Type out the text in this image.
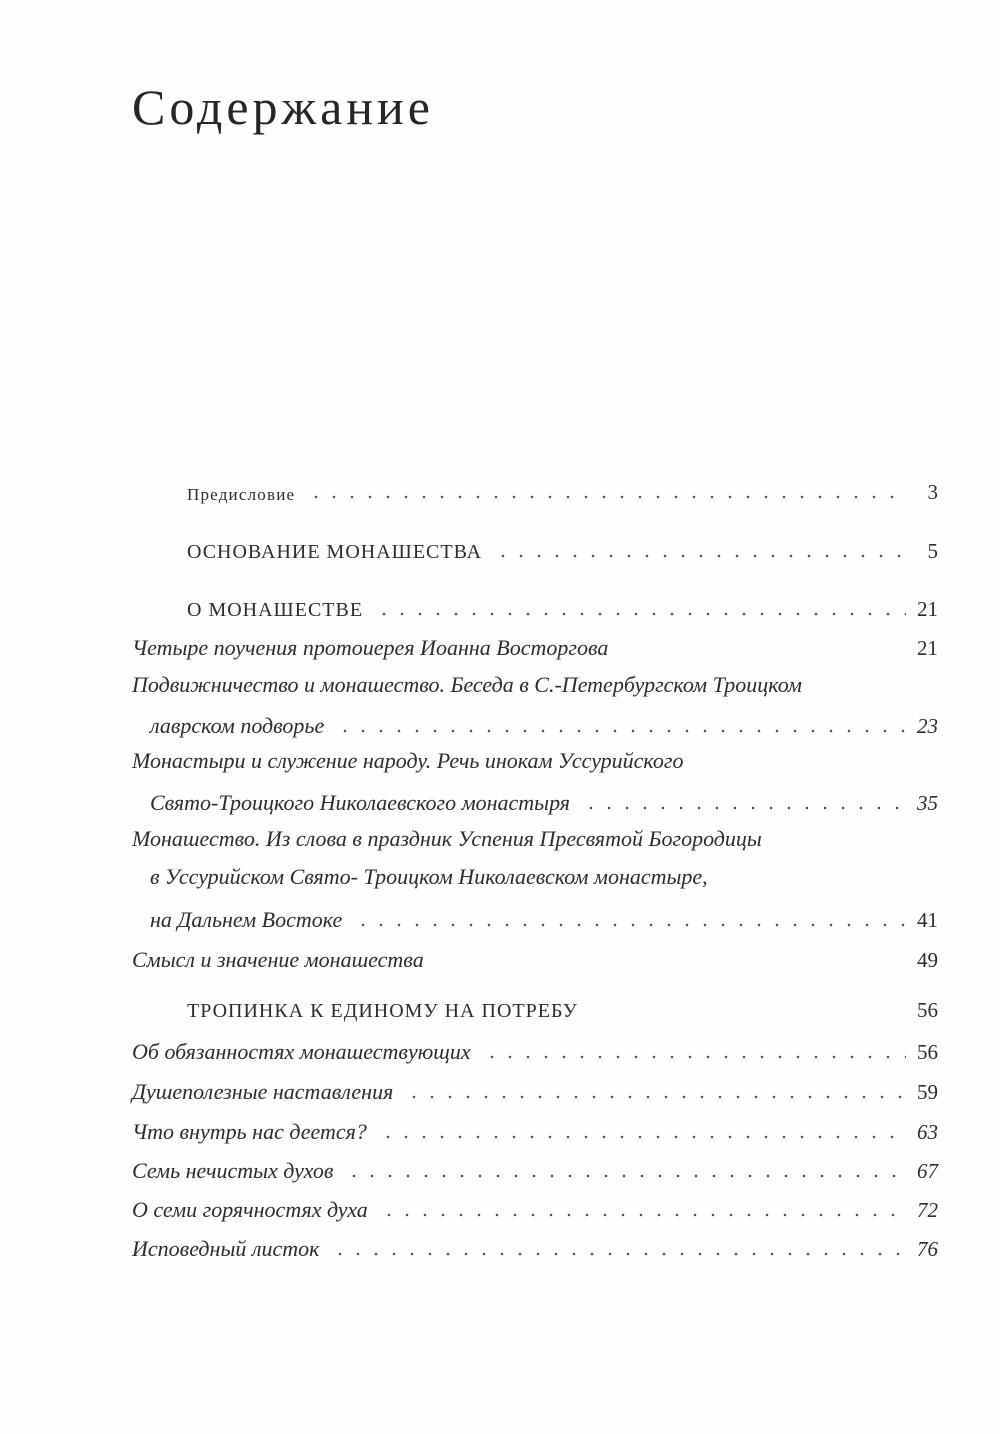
Содержание
Предисловие	3
ОСНОВАНИЕ МОНАШЕСТВА	5
О МОНАШЕСТВЕ	21
Четыре поучения протоиерея Иоанна Восторгова	21
Подвижничество и монашество. Беседа в С.-Петербургском Троицком
лаврском подворье	23
Монастыри и служение народу. Речь инокам Уссурийского
Свято-Троицкого Николаевского монастыря	35
Монашество. Из слова в праздник Успения Пресвятой Богородицы
в Уссурийском Свято- Троицком Николаевском монастыре,
на Дальнем Востоке	41
Смысл и значение монашества	49
ТРОПИНКА К ЕДИНОМУ НА ПОТРЕБУ	56
Об обязанностях монашествующих	56
Душеполезные наставления	59
Что внутрь нас деется?	63
Семь нечистых духов	67
О семи горячностях духа	72
Исповедный листок	76
